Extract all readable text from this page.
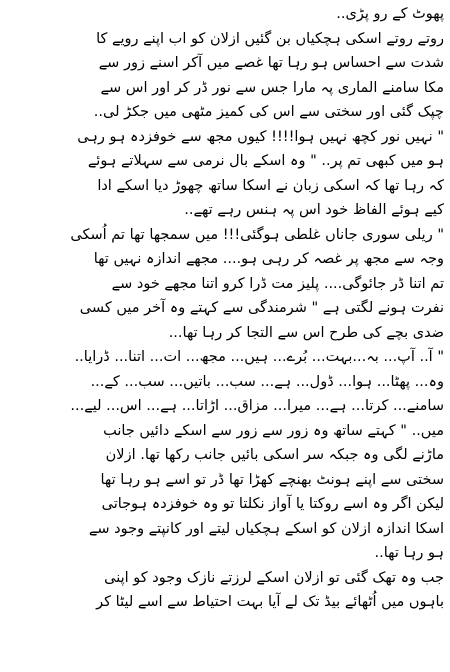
پھوٹ کے رو پڑی..
روتے روتے اسکی ہچکیاں بن گئیں ازلان کو اب اپنے رویے کا
شدت سے احساس ہو رہا تھا غصے میں آکر اسنے زور سے
مکا سامنے الماری پہ مارا جس سے نور ڈر کر اور اس سے
چپک گئی اور سختی سے اس کی کمیز مٹھی میں جکڑ لی..
" نہیں نور کچھ نہیں ہوا!!!! کیوں مجھ سے خوفزدہ ہو رہی
ہو میں کبھی تم پر.. " وہ اسکے بال نرمی سے سہلاتے ہوئے
کہ رہا تھا کہ اسکی زبان نے اسکا ساتھ چھوڑ دیا اسکے ادا
کیے ہوئے الفاظ خود اس پہ ہنس رہے تھے..
" ریلی سوری جاناں غلطی ہوگئی!!! میں سمجھا تھا تم اُسکی
وجہ سے مجھ پر غصہ کر رہی ہو.... مجھے اندازہ نہیں تھا
تم اتنا ڈر جائوگی.... پلیز مت ڈرا کرو اتنا مجھے خود سے
نفرت ہونے لگتی ہے " شرمندگی سے کہتے وہ آخر میں کسی
ضدی بچے کی طرح اس سے التجا کر رہا تھا...
" آ.. آپ... بہ...بہت... بُرے... ہیں... مجھ... ات... اتنا... ڈرایا..
وہ... پھٹا... ہوا... ڈول... ہے... سب... باتیں... سب... کے...
سامنے... کرتا... ہے... میرا... مزاق... اڑاتا... ہے... اس... لیے...
میں.. " کہتے ساتھ وہ زور سے زور سے اسکے دائیں جانب
ماڑنے لگی وہ جبکہ سر اسکی بائیں جانب رکھا تھا. ازلان
سختی سے اپنے ہونٹ بھنچے کھڑا تھا ڈر تو اسے ہو رہا تھا
لیکن اگر وہ اسے روکتا یا آواز نکلتا تو وہ خوفزدہ ہوجاتی
اسکا اندازہ ازلان کو اسکے ہچکیاں لیتے اور کانپتے وجود سے
ہو رہا تھا..
جب وہ تھک گئی تو ازلان اسکے لرزتے نازک وجود کو اپنی
باہوں میں اُٹھائے بیڈ تک لے آیا بہت احتیاط سے اسے لیٹا کر
